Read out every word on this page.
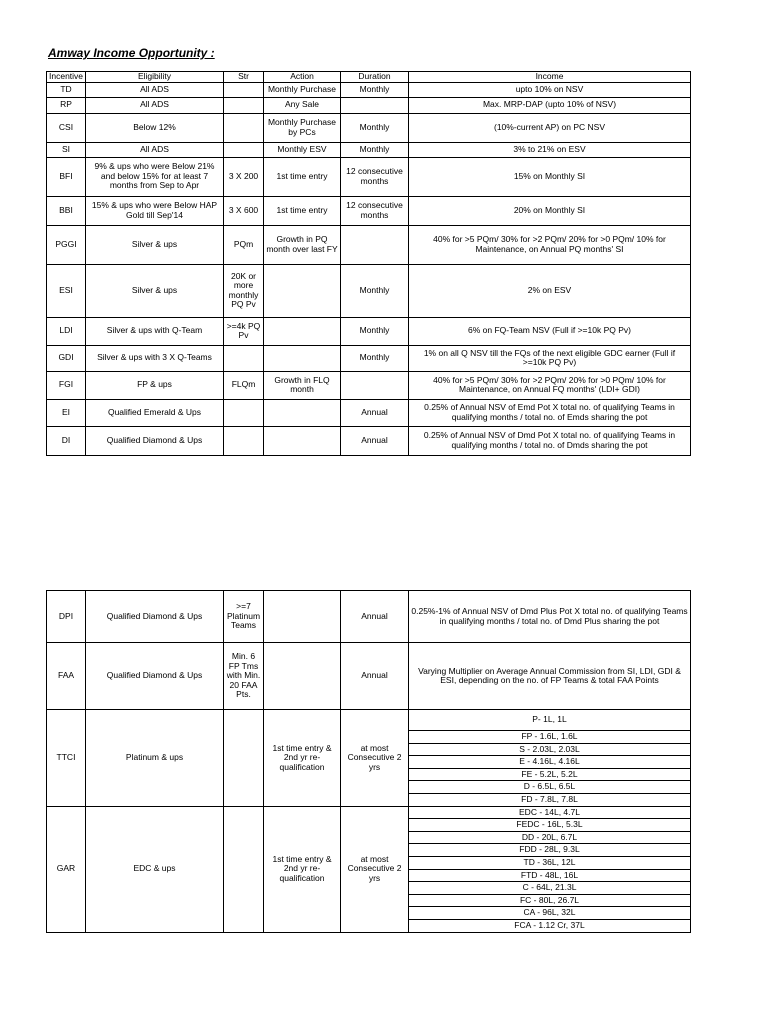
Amway Income Opportunity :
Incentive	Eligibility	Str	Action	Duration	Income
TD	All ADS		Monthly Purchase	Monthly	upto 10% on NSV
RP	All ADS		Any Sale		Max. MRP-DAP (upto 10% of NSV)
CSI	Below 12%		Monthly Purchase by PCs	Monthly	(10%-current AP) on PC NSV
SI	All ADS		Monthly ESV	Monthly	3% to 21% on ESV
BFI	9% & ups who were Below 21% and below 15% for at least 7 months from Sep to Apr	3 X 200	1st time entry	12 consecutive months	15% on Monthly SI
BBI	15% & ups who were Below HAP Gold till Sep'14	3 X 600	1st time entry	12 consecutive months	20% on Monthly SI
PGGI	Silver & ups	PQm	Growth in PQ month over last FY		40% for >5 PQm/ 30% for >2 PQm/ 20% for >0 PQm/ 10% for Maintenance, on Annual PQ months' SI
ESI	Silver & ups	20K or more monthly PQ Pv		Monthly	2% on ESV
LDI	Silver & ups with Q-Team	>=4k PQ Pv		Monthly	6% on FQ-Team NSV (Full if >=10k PQ Pv)
GDI	Silver & ups with 3 X Q-Teams			Monthly	1% on all Q NSV till the FQs of the next eligible GDC earner (Full if >=10k PQ Pv)
FGI	FP & ups	FLQm	Growth in FLQ month		40% for >5 PQm/ 30% for >2 PQm/ 20% for >0 PQm/ 10% for Maintenance, on Annual FQ months' (LDI+ GDI)
EI	Qualified Emerald & Ups			Annual	0.25% of Annual NSV of Emd Pot X total no. of qualifying Teams in qualifying months / total no. of Emds sharing the pot
DI	Qualified Diamond & Ups			Annual	0.25% of Annual NSV of Dmd Pot X total no. of qualifying Teams in qualifying months / total no. of Dmds sharing the pot
DPI	Qualified Diamond & Ups	>=7 Platinum Teams		Annual	0.25%-1% of Annual NSV of Dmd Plus Pot X total no. of qualifying Teams in qualifying months / total no. of Dmd Plus sharing the pot
FAA	Qualified Diamond & Ups	Min. 6 FP Tms with Min. 20 FAA Pts.		Annual	Varying Multiplier on Average Annual Commission from SI, LDI, GDI & ESI, depending on the no. of FP Teams & total FAA Points
TTCI	Platinum & ups		1st time entry & 2nd yr re-qualification	at most Consecutive 2 yrs	P- 1L, 1L
					FP - 1.6L, 1.6L
					S - 2.03L, 2.03L
					E - 4.16L, 4.16L
					FE - 5.2L, 5.2L
					D - 6.5L, 6.5L
					FD - 7.8L, 7.8L
GAR	EDC & ups		1st time entry & 2nd yr re-qualification	at most Consecutive 2 yrs	EDC - 14L, 4.7L
					FEDC - 16L, 5.3L
					DD - 20L, 6.7L
					FDD - 28L, 9.3L
					TD - 36L, 12L
					FTD - 48L, 16L
					C - 64L, 21.3L
					FC - 80L, 26.7L
					CA - 96L, 32L
					FCA - 1.12 Cr, 37L
